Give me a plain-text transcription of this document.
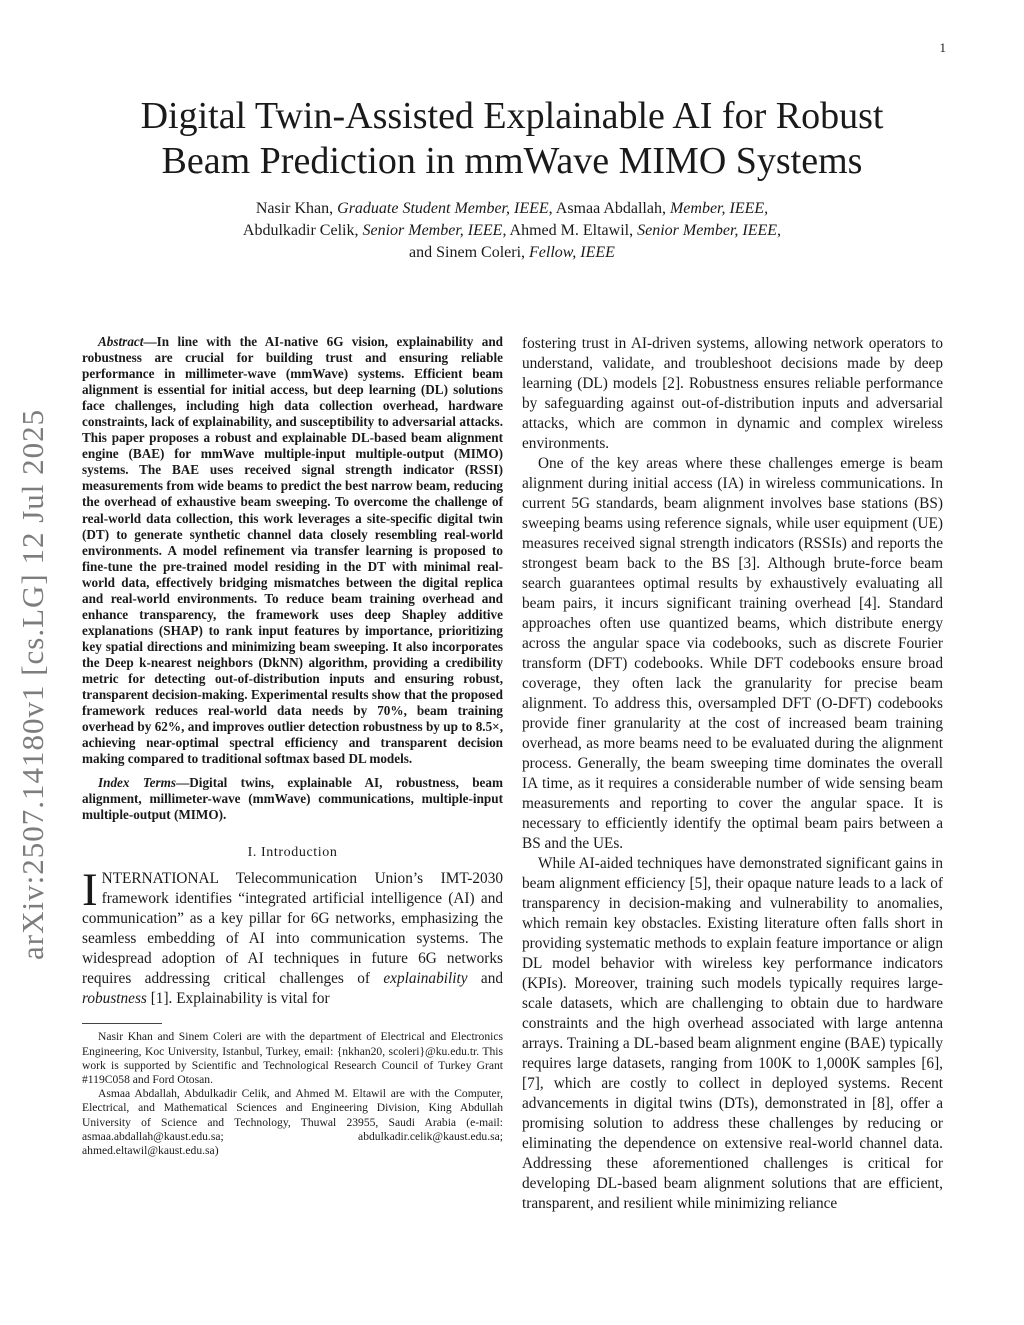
1
arXiv:2507.14180v1 [cs.LG] 12 Jul 2025
Digital Twin-Assisted Explainable AI for Robust
Beam Prediction in mmWave MIMO Systems
Nasir Khan, Graduate Student Member, IEEE, Asmaa Abdallah, Member, IEEE,
Abdulkadir Celik, Senior Member, IEEE, Ahmed M. Eltawil, Senior Member, IEEE,
and Sinem Coleri, Fellow, IEEE

Abstract—In line with the AI-native 6G vision, explainability and robustness are crucial for building trust and ensuring reliable performance in millimeter-wave (mmWave) systems. Efficient beam alignment is essential for initial access, but deep learning (DL) solutions face challenges, including high data collection overhead, hardware constraints, lack of explainability, and susceptibility to adversarial attacks. This paper proposes a robust and explainable DL-based beam alignment engine (BAE) for mmWave multiple-input multiple-output (MIMO) systems. The BAE uses received signal strength indicator (RSSI) measurements from wide beams to predict the best narrow beam, reducing the overhead of exhaustive beam sweeping. To overcome the challenge of real-world data collection, this work leverages a site-specific digital twin (DT) to generate synthetic channel data closely resembling real-world environments. A model refinement via transfer learning is proposed to fine-tune the pre-trained model residing in the DT with minimal real-world data, effectively bridging mismatches between the digital replica and real-world environments. To reduce beam training overhead and enhance transparency, the framework uses deep Shapley additive explanations (SHAP) to rank input features by importance, prioritizing key spatial directions and minimizing beam sweeping. It also incorporates the Deep k-nearest neighbors (DkNN) algorithm, providing a credibility metric for detecting out-of-distribution inputs and ensuring robust, transparent decision-making. Experimental results show that the proposed framework reduces real-world data needs by 70%, beam training overhead by 62%, and improves outlier detection robustness by up to 8.5×, achieving near-optimal spectral efficiency and transparent decision making compared to traditional softmax based DL models.

Index Terms—Digital twins, explainable AI, robustness, beam alignment, millimeter-wave (mmWave) communications, multiple-input multiple-output (MIMO).

I. Introduction

INTERNATIONAL Telecommunication Union’s IMT-2030 framework identifies “integrated artificial intelligence (AI) and communication” as a key pillar for 6G networks, emphasizing the seamless embedding of AI into communication systems. The widespread adoption of AI techniques in future 6G networks requires addressing critical challenges of explainability and robustness [1]. Explainability is vital for

Nasir Khan and Sinem Coleri are with the department of Electrical and Electronics Engineering, Koc University, Istanbul, Turkey, email: {nkhan20, scoleri}@ku.edu.tr. This work is supported by Scientific and Technological Research Council of Turkey Grant #119C058 and Ford Otosan.

Asmaa Abdallah, Abdulkadir Celik, and Ahmed M. Eltawil are with the Computer, Electrical, and Mathematical Sciences and Engineering Division, King Abdullah University of Science and Technology, Thuwal 23955, Saudi Arabia (e-mail: asmaa.abdallah@kaust.edu.sa; abdulkadir.celik@kaust.edu.sa; ahmed.eltawil@kaust.edu.sa)

fostering trust in AI-driven systems, allowing network operators to understand, validate, and troubleshoot decisions made by deep learning (DL) models [2]. Robustness ensures reliable performance by safeguarding against out-of-distribution inputs and adversarial attacks, which are common in dynamic and complex wireless environments.

One of the key areas where these challenges emerge is beam alignment during initial access (IA) in wireless communications. In current 5G standards, beam alignment involves base stations (BS) sweeping beams using reference signals, while user equipment (UE) measures received signal strength indicators (RSSIs) and reports the strongest beam back to the BS [3]. Although brute-force beam search guarantees optimal results by exhaustively evaluating all beam pairs, it incurs significant training overhead [4]. Standard approaches often use quantized beams, which distribute energy across the angular space via codebooks, such as discrete Fourier transform (DFT) codebooks. While DFT codebooks ensure broad coverage, they often lack the granularity for precise beam alignment. To address this, oversampled DFT (O-DFT) codebooks provide finer granularity at the cost of increased beam training overhead, as more beams need to be evaluated during the alignment process. Generally, the beam sweeping time dominates the overall IA time, as it requires a considerable number of wide sensing beam measurements and reporting to cover the angular space. It is necessary to efficiently identify the optimal beam pairs between a BS and the UEs.

While AI-aided techniques have demonstrated significant gains in beam alignment efficiency [5], their opaque nature leads to a lack of transparency in decision-making and vulnerability to anomalies, which remain key obstacles. Existing literature often falls short in providing systematic methods to explain feature importance or align DL model behavior with wireless key performance indicators (KPIs). Moreover, training such models typically requires large-scale datasets, which are challenging to obtain due to hardware constraints and the high overhead associated with large antenna arrays. Training a DL-based beam alignment engine (BAE) typically requires large datasets, ranging from 100K to 1,000K samples [6], [7], which are costly to collect in deployed systems. Recent advancements in digital twins (DTs), demonstrated in [8], offer a promising solution to address these challenges by reducing or eliminating the dependence on extensive real-world channel data. Addressing these aforementioned challenges is critical for developing DL-based beam alignment solutions that are efficient, transparent, and resilient while minimizing reliance
